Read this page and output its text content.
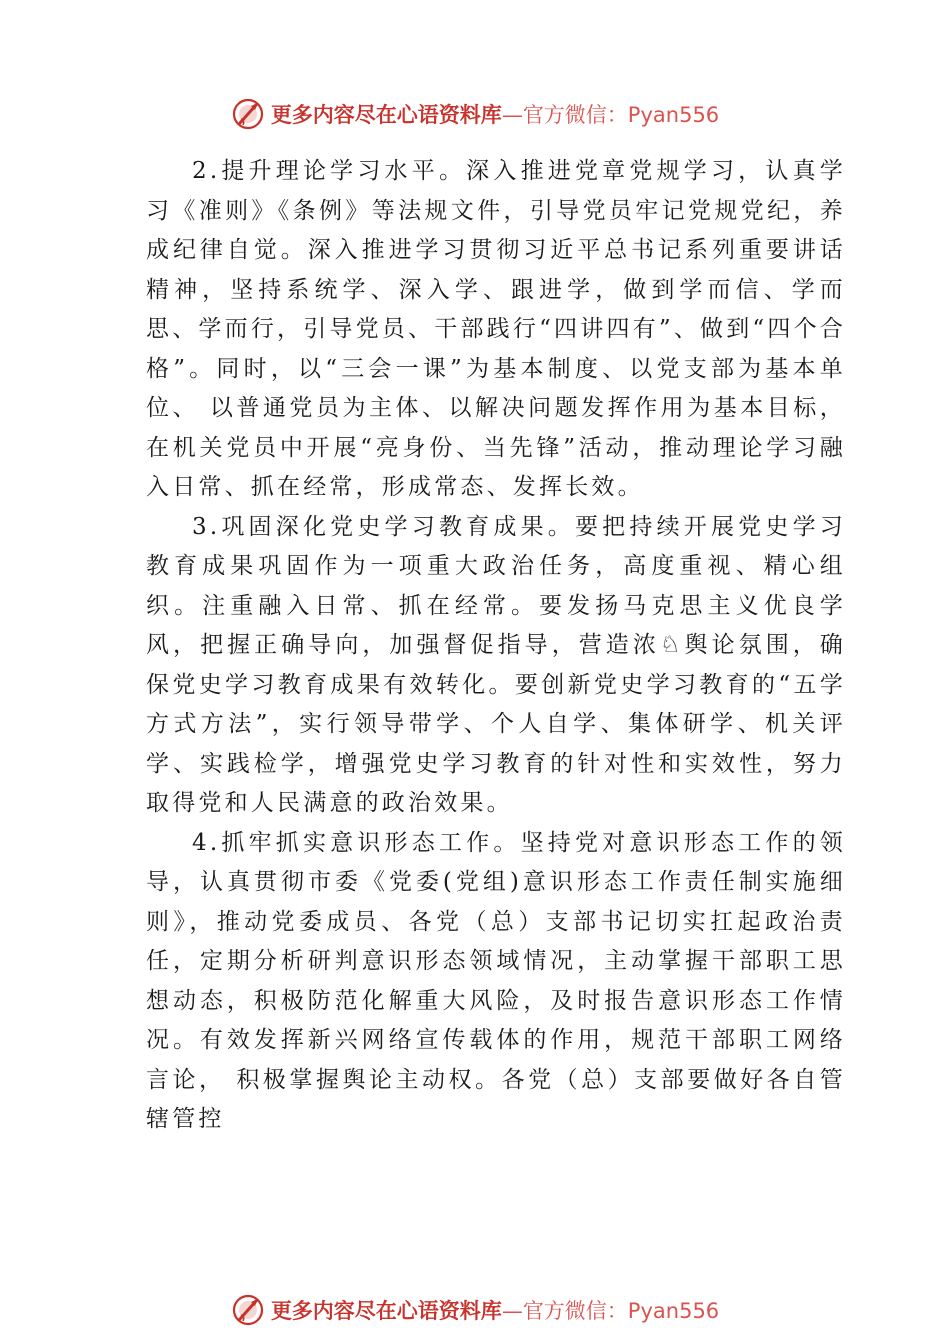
更多内容尽在心语资料库 —官方微信：Pyan556

2.提升理论学习水平。深入推进党章党规学习，认真学习《准则》《条例》等法规文件，引导党员牢记党规党纪，养成纪律自觉。深入推进学习贯彻习近平总书记系列重要讲话精神，坚持系统学、深入学、跟进学，做到学而信、学而思、学而行，引导党员、干部践行“四讲四有”、做到“四个合格”。同时，以“三会一课”为基本制度、以党支部为基本单位、 以普通党员为主体、以解决问题发挥作用为基本目标，在机关党员中开展“亮身份、当先锋”活动，推动理论学习融入日常、抓在经常，形成常态、发挥长效。

3.巩固深化党史学习教育成果。要把持续开展党史学习教育成果巩固作为一项重大政治任务，高度重视、精心组织。注重融入日常、抓在经常。要发扬马克思主义优良学风，把握正确导向，加强督促指导，营造浓♘舆论氛围，确保党史学习教育成果有效转化。要创新党史学习教育的“五学方式方法”，实行领导带学、个人自学、集体研学、机关评学、实践检学，增强党史学习教育的针对性和实效性，努力取得党和人民满意的政治效果。

4.抓牢抓实意识形态工作。坚持党对意识形态工作的领导，认真贯彻市委《党委(党组)意识形态工作责任制实施细则》，推动党委成员、各党（总）支部书记切实扛起政治责任，定期分析研判意识形态领域情况，主动掌握干部职工思想动态，积极防范化解重大风险，及时报告意识形态工作情况。有效发挥新兴网络宣传载体的作用，规范干部职工网络言论， 积极掌握舆论主动权。各党（总）支部要做好各自管辖管控

更多内容尽在心语资料库 —官方微信：Pyan556
